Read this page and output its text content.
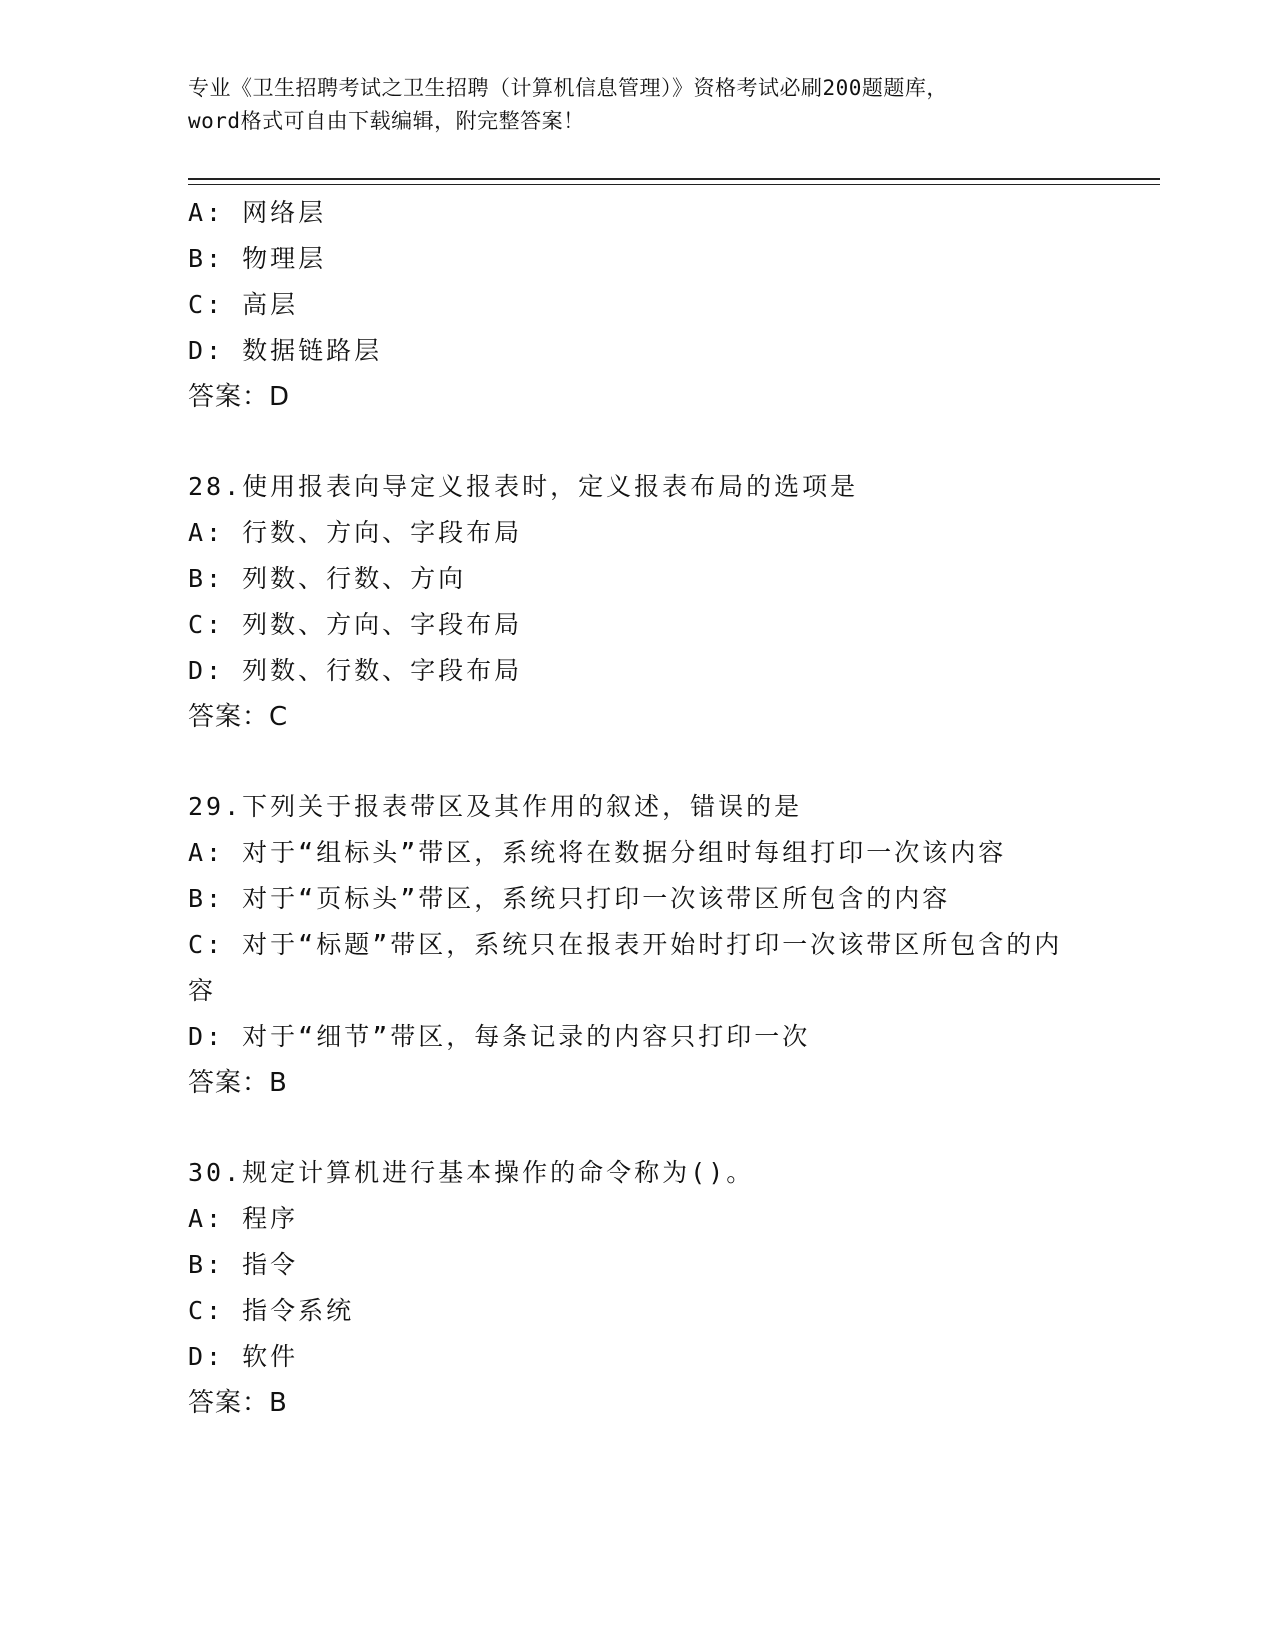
专业《卫生招聘考试之卫生招聘（计算机信息管理）》资格考试必刷200题题库，
word格式可自由下载编辑，附完整答案！
A: 网络层
B: 物理层
C: 高层
D: 数据链路层
答案：D
28.使用报表向导定义报表时，定义报表布局的选项是
A: 行数、方向、字段布局
B: 列数、行数、方向
C: 列数、方向、字段布局
D: 列数、行数、字段布局
答案：C
29.下列关于报表带区及其作用的叙述，错误的是
A: 对于“组标头”带区，系统将在数据分组时每组打印一次该内容
B: 对于“页标头”带区，系统只打印一次该带区所包含的内容
C: 对于“标题”带区，系统只在报表开始时打印一次该带区所包含的内容
D: 对于“细节”带区，每条记录的内容只打印一次
答案：B
30.规定计算机进行基本操作的命令称为()。
A: 程序
B: 指令
C: 指令系统
D: 软件
答案：B
